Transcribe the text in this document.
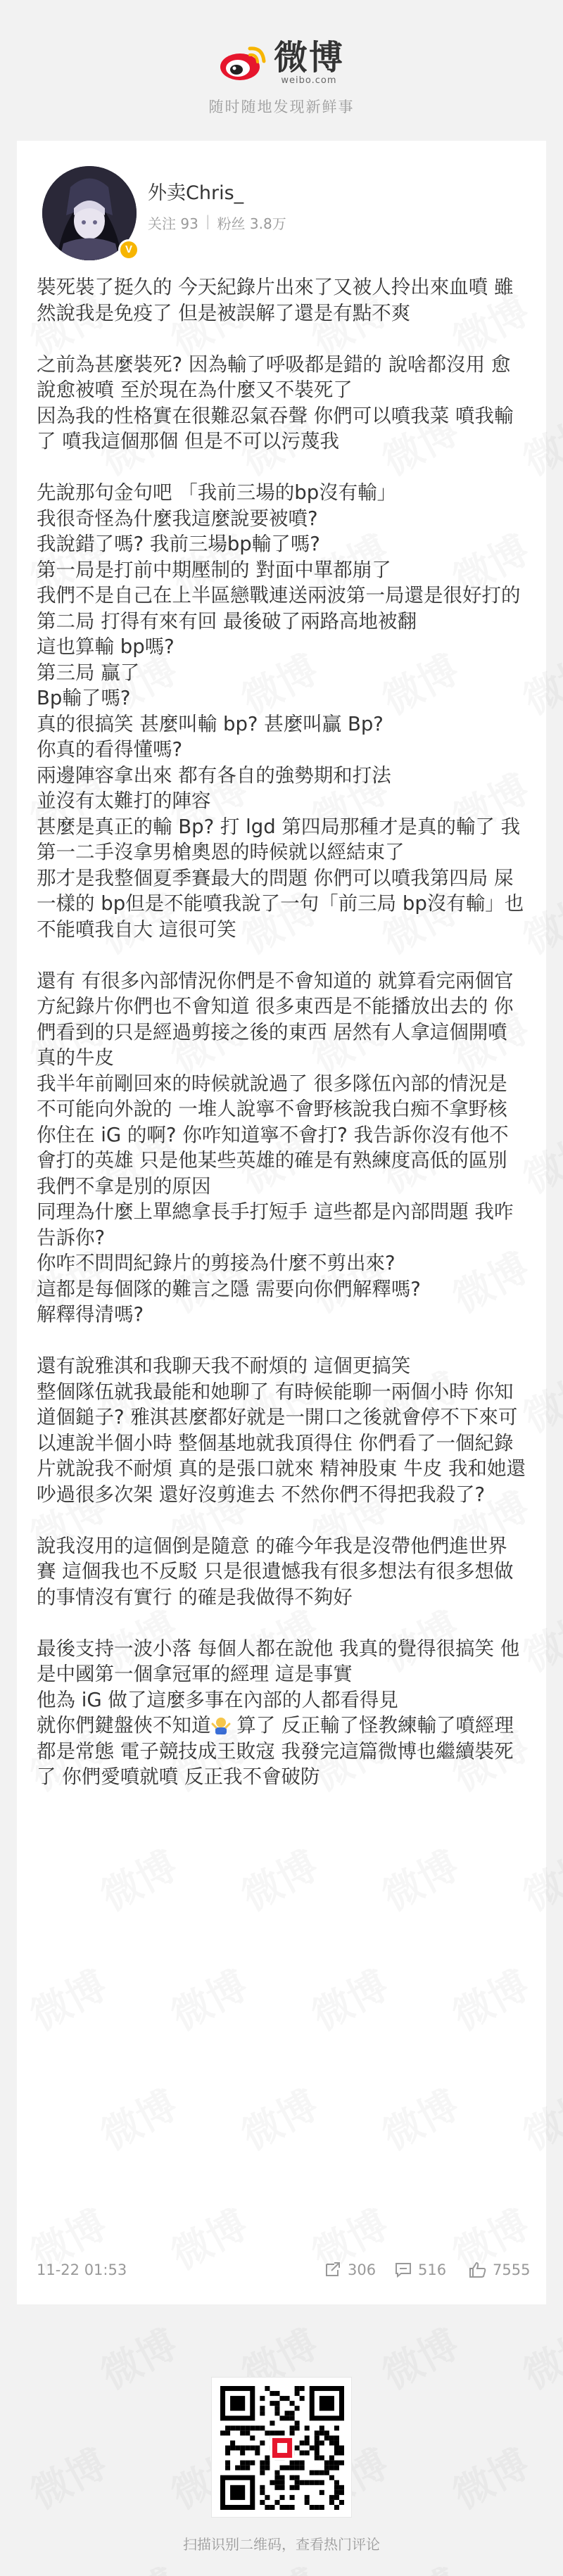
微博
weibo.com
随时随地发现新鲜事
V
外卖Chris_
关注 93 | 粉丝 3.8万

裝死裝了挺久的 今天紀錄片出來了又被人拎出來血噴 雖然說我是免疫了 但是被誤解了還是有點不爽

之前為甚麼裝死? 因為輸了呼吸都是錯的 說啥都沒用 愈說愈被噴 至於現在為什麼又不裝死了

因為我的性格實在很難忍氣吞聲 你們可以噴我菜 噴我輸了 噴我這個那個 但是不可以污蔑我

先說那句金句吧 「我前三場的bp沒有輸」

我很奇怪為什麼我這麼說要被噴?

我說錯了嗎? 我前三場bp輸了嗎?

第一局是打前中期壓制的 對面中單都崩了

我們不是自己在上半區戀戰連送兩波第一局還是很好打的

第二局 打得有來有回 最後破了兩路高地被翻

這也算輸 bp嗎?

第三局 贏了

Bp輸了嗎?

真的很搞笑 甚麼叫輸 bp? 甚麼叫贏 Bp?

你真的看得懂嗎?

兩邊陣容拿出來 都有各自的強勢期和打法

並沒有太難打的陣容

甚麼是真正的輸 Bp? 打 lgd 第四局那種才是真的輸了 我第一二手沒拿男槍奧恩的時候就以經結束了

那才是我整個夏季賽最大的問題 你們可以噴我第四局 屎一樣的 bp但是不能噴我說了一句「前三局 bp沒有輸」也不能噴我自大 這很可笑

還有 有很多內部情況你們是不會知道的 就算看完兩個官方紀錄片你們也不會知道 很多東西是不能播放出去的 你們看到的只是經過剪接之後的東西 居然有人拿這個開噴 真的牛皮

我半年前剛回來的時候就說過了 很多隊伍內部的情況是不可能向外說的 一堆人說寧不會野核說我白痴不拿野核 你住在 iG 的啊? 你咋知道寧不會打? 我告訴你沒有他不會打的英雄 只是他某些英雄的確是有熟練度高低的區別 我們不拿是別的原因

同理為什麼上單總拿長手打短手 這些都是內部問題 我咋告訴你?

你咋不問問紀錄片的剪接為什麼不剪出來?

這都是每個隊的難言之隱 需要向你們解釋嗎?

解釋得清嗎?

還有說雅淇和我聊天我不耐煩的 這個更搞笑

整個隊伍就我最能和她聊了 有時候能聊一兩個小時 你知道個鎚子? 雅淇甚麼都好就是一開口之後就會停不下來可以連說半個小時 整個基地就我頂得住 你們看了一個紀錄片就說我不耐煩 真的是張口就來 精神股東 牛皮 我和她還吵過很多次架 還好沒剪進去 不然你們不得把我殺了?

說我沒用的這個倒是隨意 的確今年我是沒帶他們進世界賽 這個我也不反駁 只是很遺憾我有很多想法有很多想做的事情沒有實行 的確是我做得不夠好

最後支持一波小落 每個人都在說他 我真的覺得很搞笑 他是中國第一個拿冠軍的經理 這是事實

他為 iG 做了這麼多事在內部的人都看得見

就你們鍵盤俠不知道 算了 反正輸了怪教練輸了噴經理都是常態 電子競技成王敗寇 我發完這篇微博也繼續裝死了 你們愛噴就噴 反正我不會破防

11-22 01:53	306	516	7555
扫描识别二维码，查看热门评论
